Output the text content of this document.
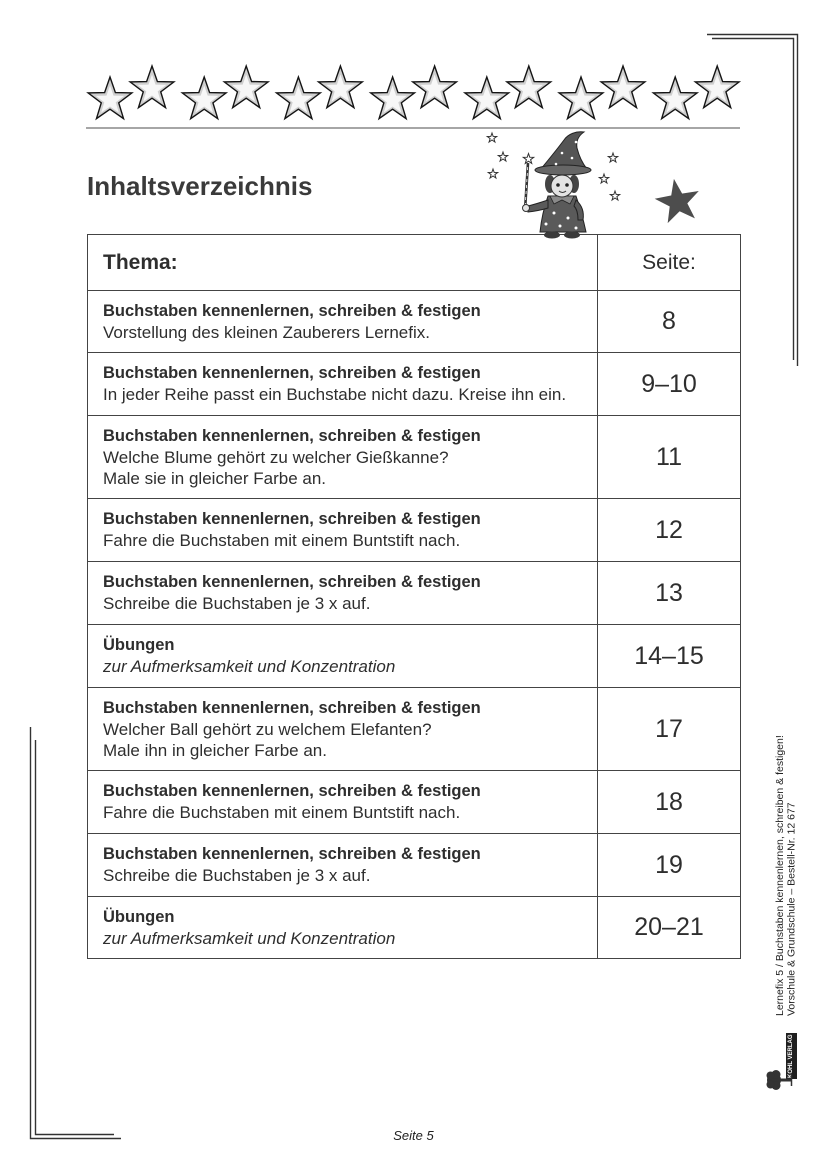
Inhaltsverzeichnis
Thema:	Seite:

Buchstaben kennenlernen, schreiben & festigen
Vorstellung des kleinen Zauberers Lernefix.	8

Buchstaben kennenlernen, schreiben & festigen
In jeder Reihe passt ein Buchstabe nicht dazu. Kreise ihn ein.	9–10

Buchstaben kennenlernen, schreiben & festigen
Welche Blume gehört zu welcher Gießkanne?
Male sie in gleicher Farbe an.	11

Buchstaben kennenlernen, schreiben & festigen
Fahre die Buchstaben mit einem Buntstift nach.	12

Buchstaben kennenlernen, schreiben & festigen
Schreibe die Buchstaben je 3 x auf.	13

Übungen
zur Aufmerksamkeit und Konzentration	14–15

Buchstaben kennenlernen, schreiben & festigen
Welcher Ball gehört zu welchem Elefanten?
Male ihn in gleicher Farbe an.	17

Buchstaben kennenlernen, schreiben & festigen
Fahre die Buchstaben mit einem Buntstift nach.	18

Buchstaben kennenlernen, schreiben & festigen
Schreibe die Buchstaben je 3 x auf.	19

Übungen
zur Aufmerksamkeit und Konzentration	20–21	Lernefix 5 / Buchstaben kennenlernen, schreiben & festigen! Vorschule & Grundschule – Bestell-Nr. 12 677
KOHL VERLAG
Seite 5
